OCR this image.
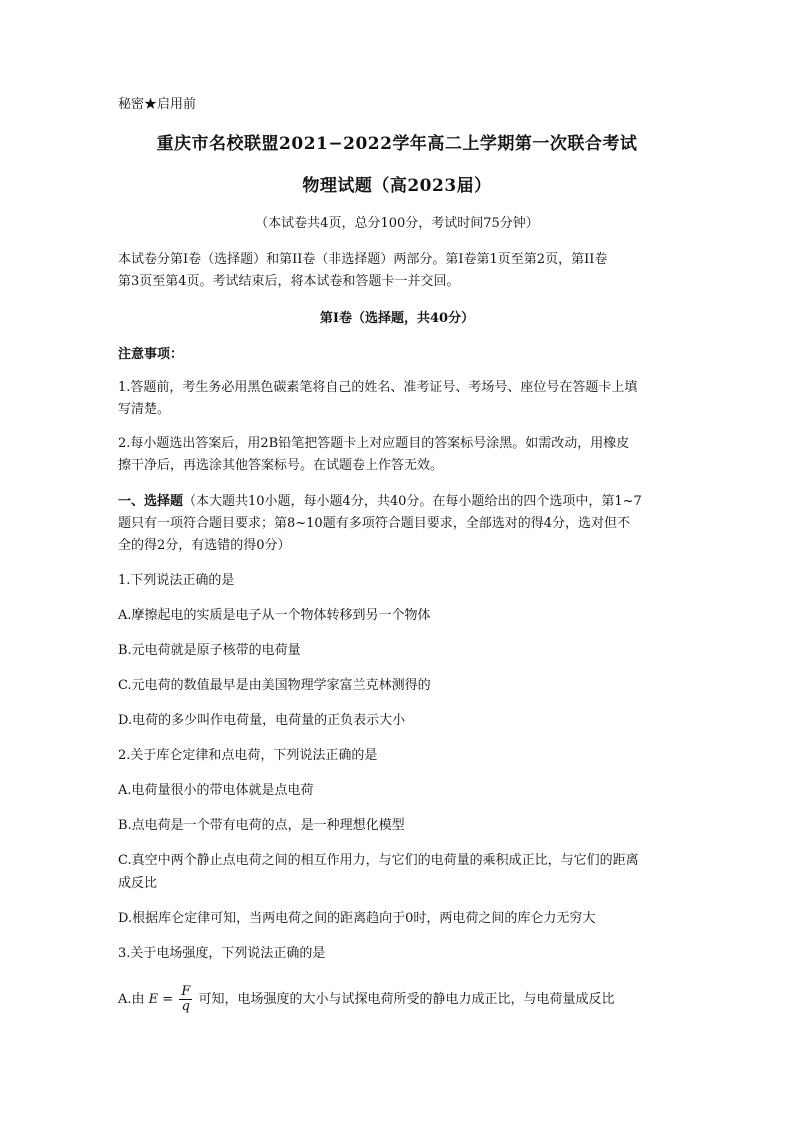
秘密★启用前
重庆市名校联盟2021−2022学年高二上学期第一次联合考试
物理试题（高2023届）
（本试卷共4页，总分100分，考试时间75分钟）
本试卷分第I卷（选择题）和第II卷（非选择题）两部分。第I卷第1页至第2页，第II卷
第3页至第4页。考试结束后，将本试卷和答题卡一并交回。
第I卷（选择题，共40分）
注意事项：
1.答题前，考生务必用黑色碳素笔将自己的姓名、准考证号、考场号、座位号在答题卡上填
写清楚。
2.每小题选出答案后，用2B铅笔把答题卡上对应题目的答案标号涂黑。如需改动，用橡皮
擦干净后，再选涂其他答案标号。在试题卷上作答无效。
一、选择题（本大题共10小题，每小题4分，共40分。在每小题给出的四个选项中，第1~7
题只有一项符合题目要求；第8~10题有多项符合题目要求，全部选对的得4分，选对但不
全的得2分，有选错的得0分）
1.下列说法正确的是
A.摩擦起电的实质是电子从一个物体转移到另一个物体
B.元电荷就是原子核带的电荷量
C.元电荷的数值最早是由美国物理学家富兰克林测得的
D.电荷的多少叫作电荷量，电荷量的正负表示大小
2.关于库仑定律和点电荷，下列说法正确的是
A.电荷量很小的带电体就是点电荷
B.点电荷是一个带有电荷的点，是一种理想化模型
C.真空中两个静止点电荷之间的相互作用力，与它们的电荷量的乘积成正比，与它们的距离
成反比
D.根据库仑定律可知，当两电荷之间的距离趋向于0时，两电荷之间的库仑力无穷大
3.关于电场强度，下列说法正确的是
A.由 $E = \frac{F}{q}$ 可知，电场强度的大小与试探电荷所受的静电力成正比，与电荷量成反比
